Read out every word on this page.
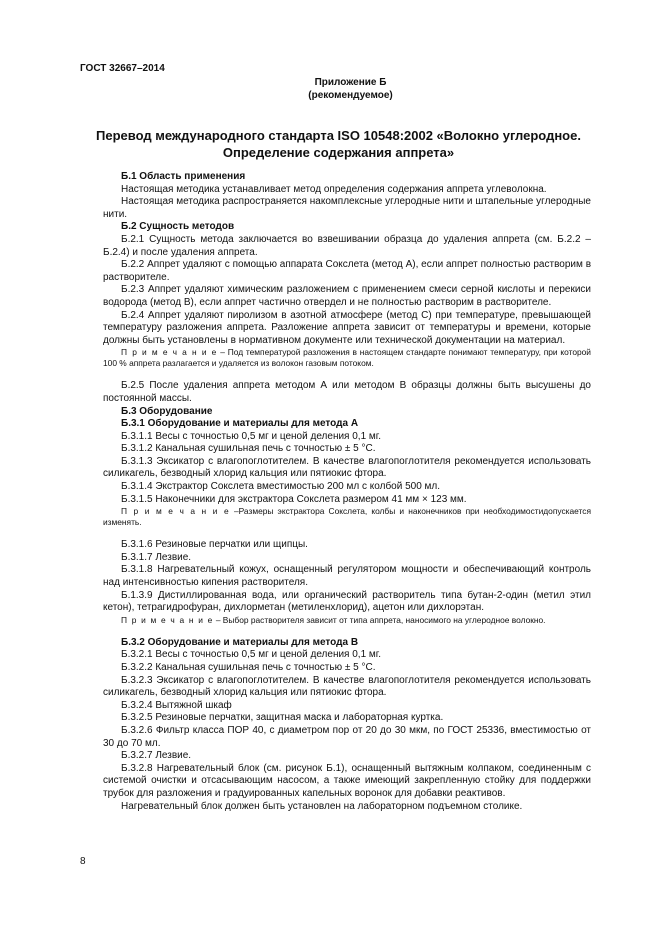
ГОСТ 32667–2014
Приложение Б
(рекомендуемое)
Перевод международного стандарта ISO 10548:2002 «Волокно углеродное.
Определение содержания аппрета»

Б.1 Область применения

Настоящая методика устанавливает метод определения содержания аппрета углеволокна.

Настоящая методика распространяется накомплексные углеродные нити и штапельные углеродные нити.

Б.2 Сущность методов

Б.2.1 Сущность метода заключается во взвешивании образца до удаления аппрета (см. Б.2.2 – Б.2.4) и после удаления аппрета.

Б.2.2 Аппрет удаляют с помощью аппарата Сокслета (метод А), если аппрет полностью растворим в растворителе.

Б.2.3 Аппрет удаляют химическим разложением с применением смеси серной кислоты и перекиси водорода (метод В), если аппрет частично отвердел и не полностью растворим в растворителе.

Б.2.4 Аппрет удаляют пиролизом в азотной атмосфере (метод С) при температуре, превышающей температуру разложения аппрета. Разложение аппрета зависит от температуры и времени, которые должны быть установлены в нормативном документе или технической документации на материал.

П р и м е ч а н и е – Под температурой разложения в настоящем стандарте понимают температуру, при которой 100 % аппрета разлагается и удаляется из волокон газовым потоком.

Б.2.5 После удаления аппрета методом А или методом В образцы должны быть высушены до постоянной массы.

Б.3 Оборудование

Б.3.1 Оборудование и материалы для метода А

Б.3.1.1 Весы с точностью 0,5 мг и ценой деления 0,1 мг.

Б.3.1.2 Канальная сушильная печь с точностью ± 5 °С.

Б.3.1.3 Эксикатор с влагопоглотителем. В качестве влагопоглотителя рекомендуется использовать силикагель, безводный хлорид кальция или пятиокис фтора.

Б.3.1.4 Экстрактор Сокслета вместимостью 200 мл с колбой 500 мл.

Б.3.1.5 Наконечники для экстрактора Сокслета размером 41 мм × 123 мм.

П р и м е ч а н и е –Размеры экстрактора Сокслета, колбы и наконечников при необходимостидопускается изменять.

Б.3.1.6 Резиновые перчатки или щипцы.

Б.3.1.7 Лезвие.

Б.3.1.8 Нагревательный кожух, оснащенный регулятором мощности и обеспечивающий контроль над интенсивностью кипения растворителя.

Б.1.3.9 Дистиллированная вода, или органический растворитель типа бутан-2-один (метил этил кетон), тетрагидрофуран, дихлорметан (метиленхлорид), ацетон или дихлорэтан.

П р и м е ч а н и е – Выбор растворителя зависит от типа аппрета, наносимого на углеродное волокно.

Б.3.2 Оборудование и материалы для метода В

Б.3.2.1 Весы с точностью 0,5 мг и ценой деления 0,1 мг.

Б.3.2.2 Канальная сушильная печь с точностью ± 5 °С.

Б.3.2.3 Эксикатор с влагопоглотителем. В качестве влагопоглотителя рекомендуется использовать силикагель, безводный хлорид кальция или пятиокис фтора.

Б.3.2.4 Вытяжной шкаф

Б.3.2.5 Резиновые перчатки, защитная маска и лабораторная куртка.

Б.3.2.6 Фильтр класса ПОР 40, с диаметром пор от 20 до 30 мкм, по ГОСТ 25336, вместимостью от 30 до 70 мл.

Б.3.2.7 Лезвие.

Б.3.2.8 Нагревательный блок (см. рисунок Б.1), оснащенный вытяжным колпаком, соединенным с системой очистки и отсасывающим насосом, а также имеющий закрепленную стойку для поддержки трубок для разложения и градуированных капельных воронок для добавки реактивов.

Нагревательный блок должен быть установлен на лабораторном подъемном столике.

8
